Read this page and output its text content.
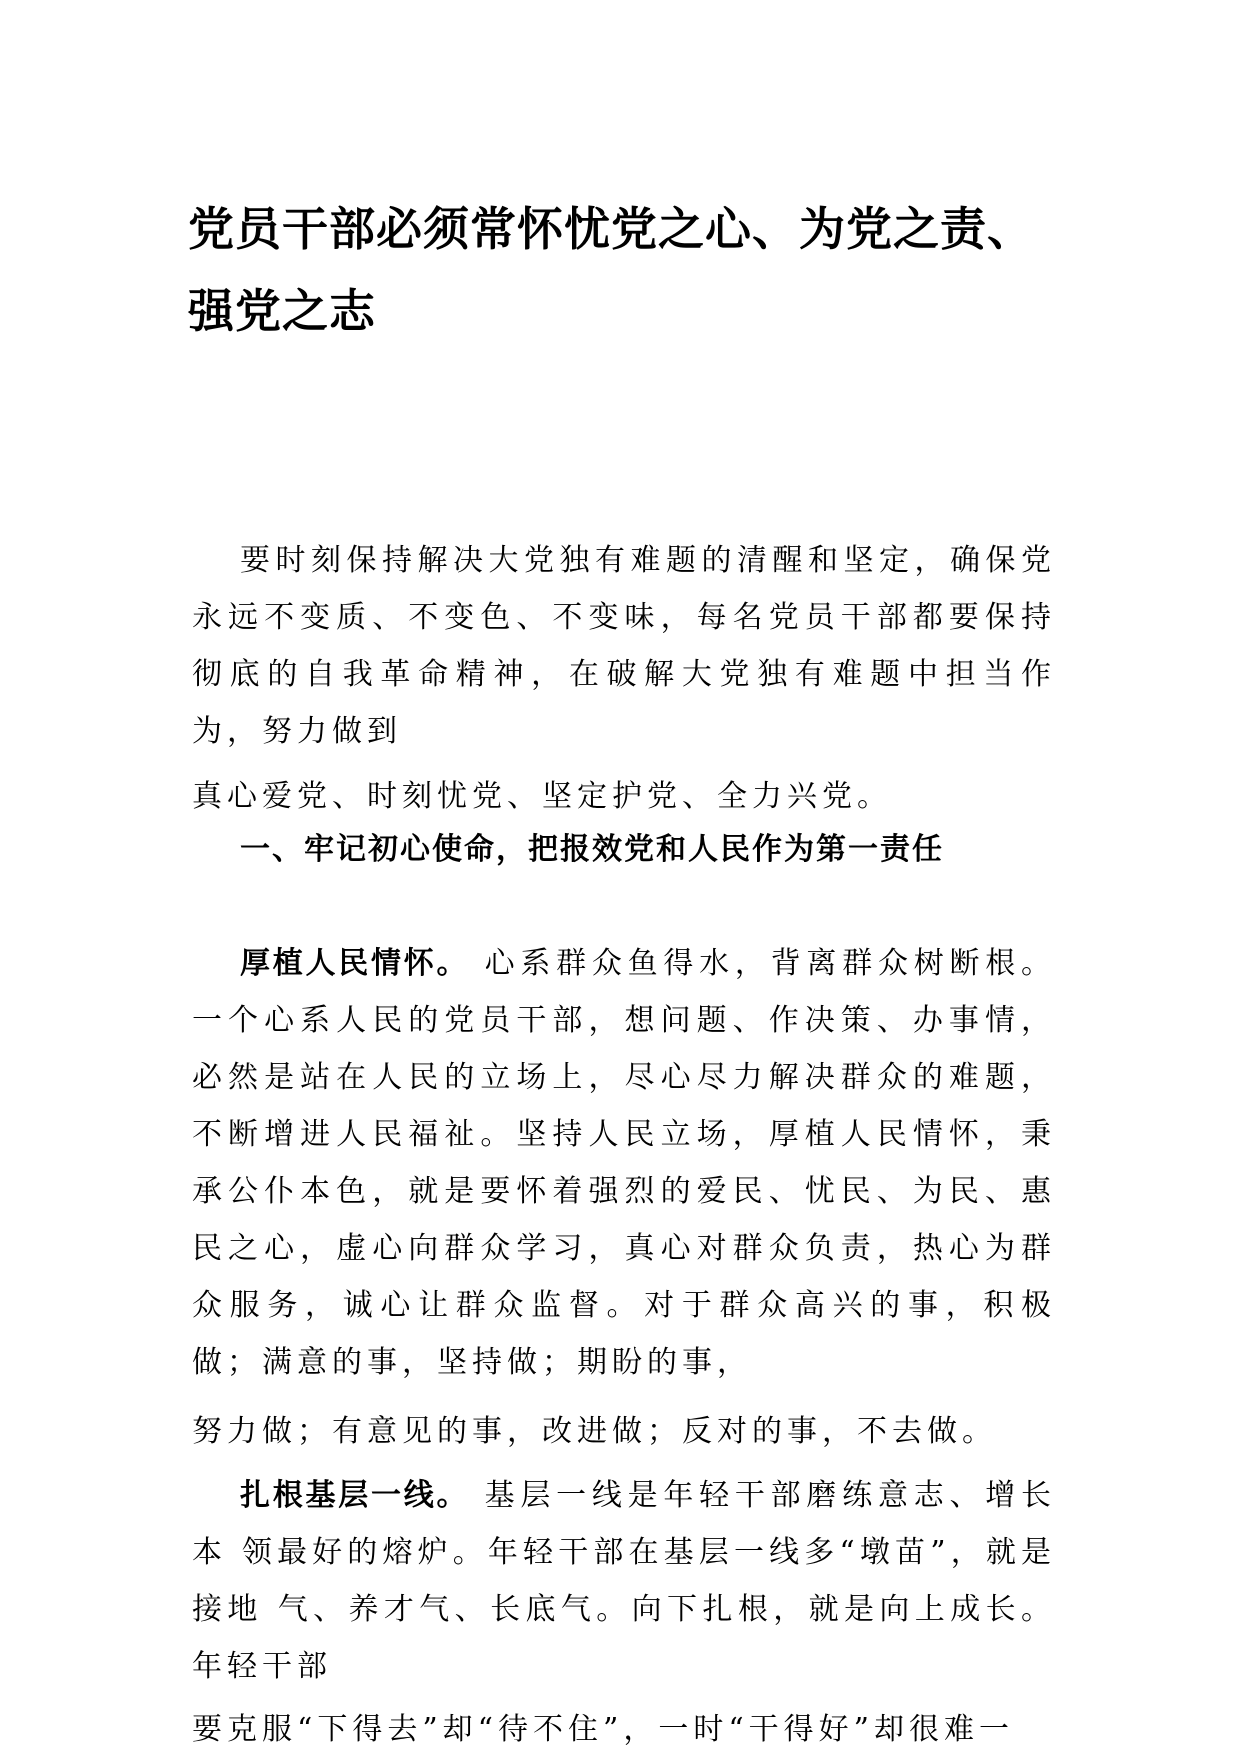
党员干部必须常怀忧党之心、为党之责、强党之志

要时刻保持解决大党独有难题的清醒和坚定，确保党永远不变质、不变色、不变味，每名党员干部都要保持彻底的自我革命精神，在破解大党独有难题中担当作为，努力做到
真心爱党、时刻忧党、坚定护党、全力兴党。

一、牢记初心使命，把报效党和人民作为第一责任

厚植人民情怀。 心系群众鱼得水，背离群众树断根。 一个心系人民的党员干部，想问题、作决策、办事情，必然是站在人民的立场上，尽心尽力解决群众的难题，不断增进人民福祉。坚持人民立场，厚植人民情怀，秉承公仆本色，就是要怀着强烈的爱民、忧民、为民、惠民之心，虚心向群众学习，真心对群众负责，热心为群众服务，诚心让群众监督。对于群众高兴的事，积极做；满意的事，坚持做；期盼的事，
努力做；有意见的事，改进做；反对的事，不去做。

扎根基层一线。 基层一线是年轻干部磨练意志、增长本 领最好的熔炉。年轻干部在基层一线多“墩苗”，就是接地 气、养才气、长底气。向下扎根，就是向上成长。年轻干部

要克服“下得去”却“待不住”，一时“干得好”却很难一
